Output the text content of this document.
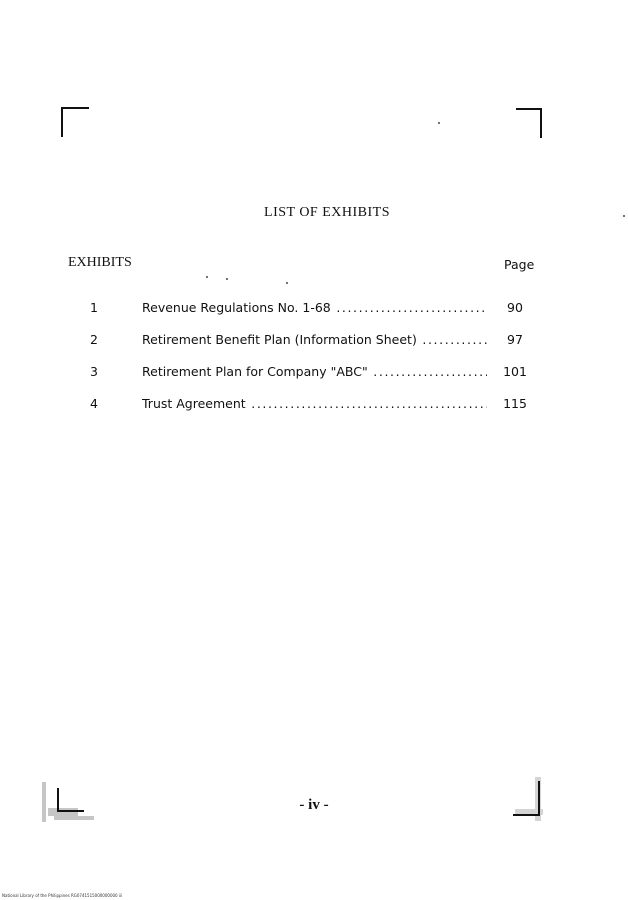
LIST OF EXHIBITS
EXHIBITS	Page
1	Revenue Regulations No. 1-68 .....	90
2	Retirement Benefit Plan (Information Sheet) .....	97
3	Retirement Plan for Company "ABC" .....	101
4	Trust Agreement .....	115
- iv -
National Library of the Philippines RG0741515000000000 iii
